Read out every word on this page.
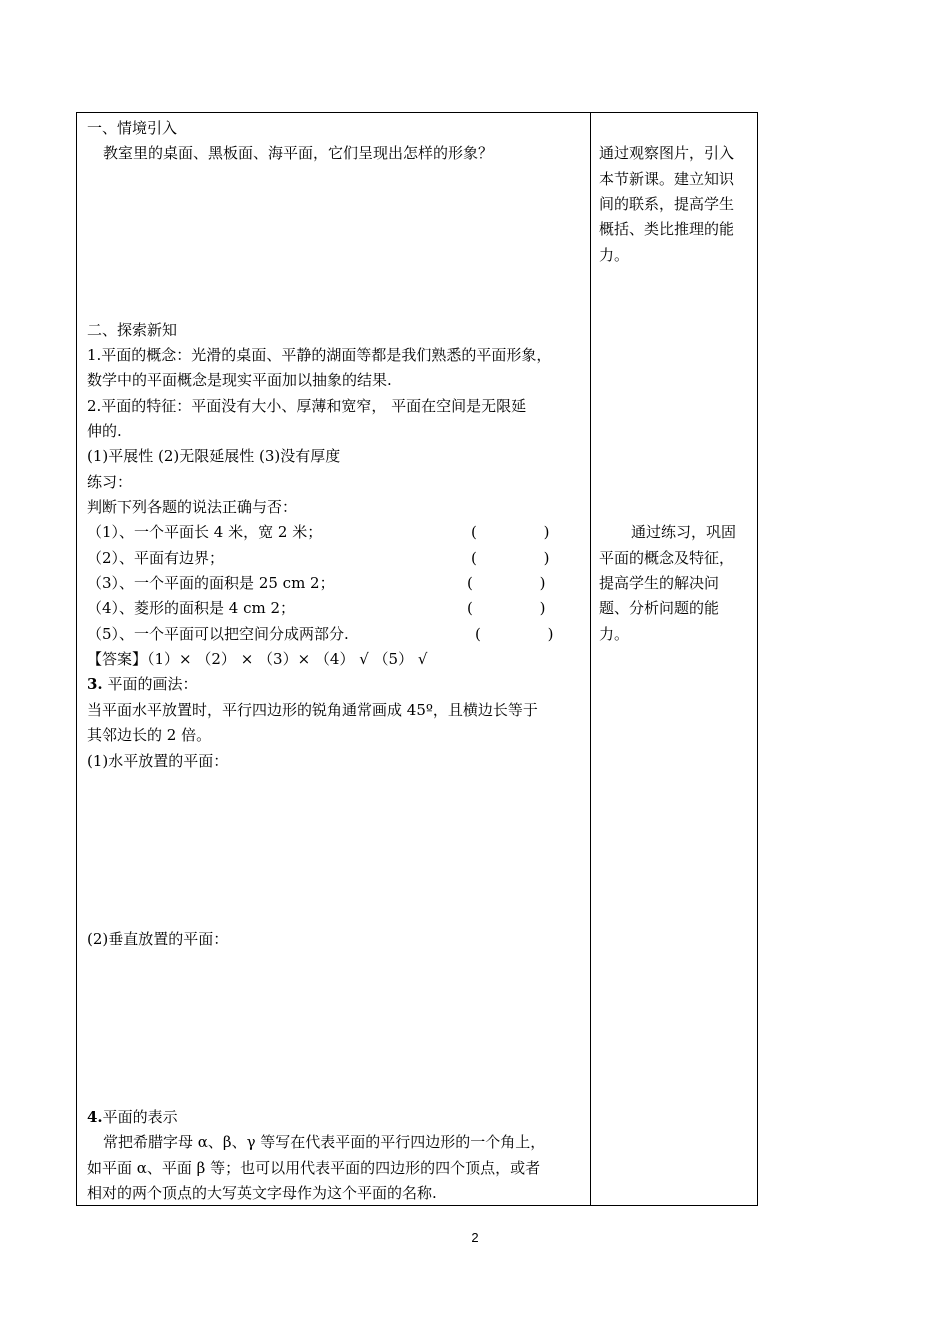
一、情境引入
教室里的桌面、黑板面、海平面，它们呈现出怎样的形象？
二、探索新知
1.平面的概念：光滑的桌面、平静的湖面等都是我们熟悉的平面形象，
数学中的平面概念是现实平面加以抽象的结果.
2.平面的特征：平面没有大小、厚薄和宽窄， 平面在空间是无限延
伸的.
(1)平展性 (2)无限延展性 (3)没有厚度
练习：
判断下列各题的说法正确与否：
（1）、一个平面长 4 米，宽 2 米；	(              )
（2）、平面有边界；	(              )
（3）、一个平面的面积是 25 cm 2；	(              )
（4）、菱形的面积是 4 cm 2；	(              )
（5）、一个平面可以把空间分成两部分.	(              )
【答案】（1）× （2） × （3）× （4） √ （5） √
3. 平面的画法：
当平面水平放置时，平行四边形的锐角通常画成 45º，且横边长等于
其邻边长的 2 倍。
(1)水平放置的平面：
(2)垂直放置的平面：
4.平面的表示
常把希腊字母 α、β、γ 等写在代表平面的平行四边形的一个角上，
如平面 α、平面 β 等；也可以用代表平面的四边形的四个顶点，或者
相对的两个顶点的大写英文字母作为这个平面的名称.
通过观察图片，引入
本节新课。建立知识
间的联系，提高学生
概括、类比推理的能
力。
通过练习，巩固
平面的概念及特征，
提高学生的解决问
题、分析问题的能
力。
2
